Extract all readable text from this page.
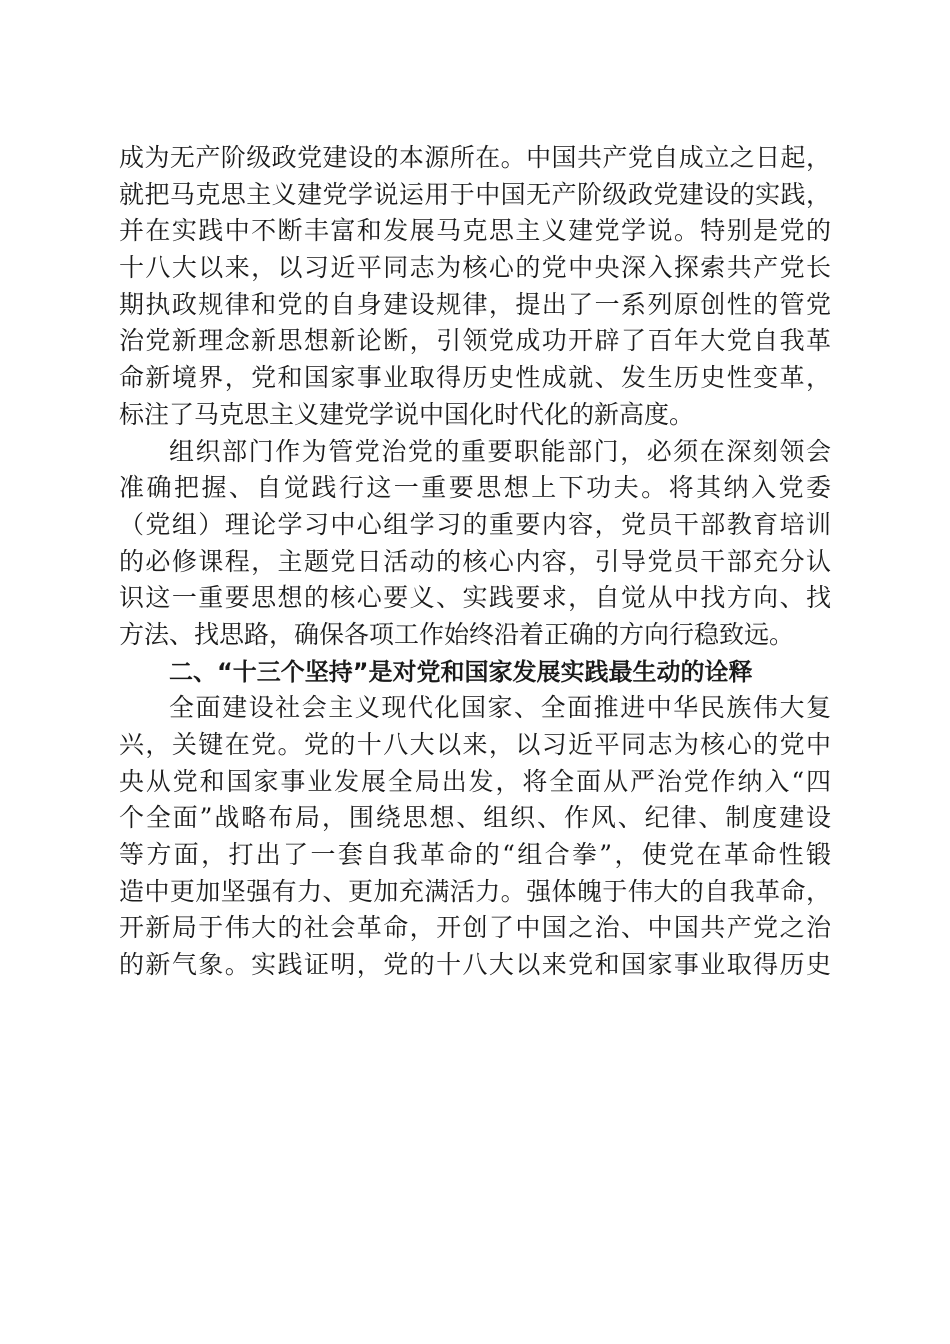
成为无产阶级政党建设的本源所在。中国共产党自成立之日起，
就把马克思主义建党学说运用于中国无产阶级政党建设的实践，
并在实践中不断丰富和发展马克思主义建党学说。特别是党的
十八大以来，以习近平同志为核心的党中央深入探索共产党长
期执政规律和党的自身建设规律，提出了一系列原创性的管党
治党新理念新思想新论断，引领党成功开辟了百年大党自我革
命新境界，党和国家事业取得历史性成就、发生历史性变革，
标注了马克思主义建党学说中国化时代化的新高度。

组织部门作为管党治党的重要职能部门，必须在深刻领会
准确把握、自觉践行这一重要思想上下功夫。将其纳入党委
（党组）理论学习中心组学习的重要内容，党员干部教育培训
的必修课程，主题党日活动的核心内容，引导党员干部充分认
识这一重要思想的核心要义、实践要求，自觉从中找方向、找
方法、找思路，确保各项工作始终沿着正确的方向行稳致远。

二、“十三个坚持”是对党和国家发展实践最生动的诠释

全面建设社会主义现代化国家、全面推进中华民族伟大复
兴，关键在党。党的十八大以来，以习近平同志为核心的党中
央从党和国家事业发展全局出发，将全面从严治党作纳入“四
个全面”战略布局，围绕思想、组织、作风、纪律、制度建设
等方面，打出了一套自我革命的“组合拳”，使党在革命性锻
造中更加坚强有力、更加充满活力。强体魄于伟大的自我革命，
开新局于伟大的社会革命，开创了中国之治、中国共产党之治
的新气象。实践证明，党的十八大以来党和国家事业取得历史
